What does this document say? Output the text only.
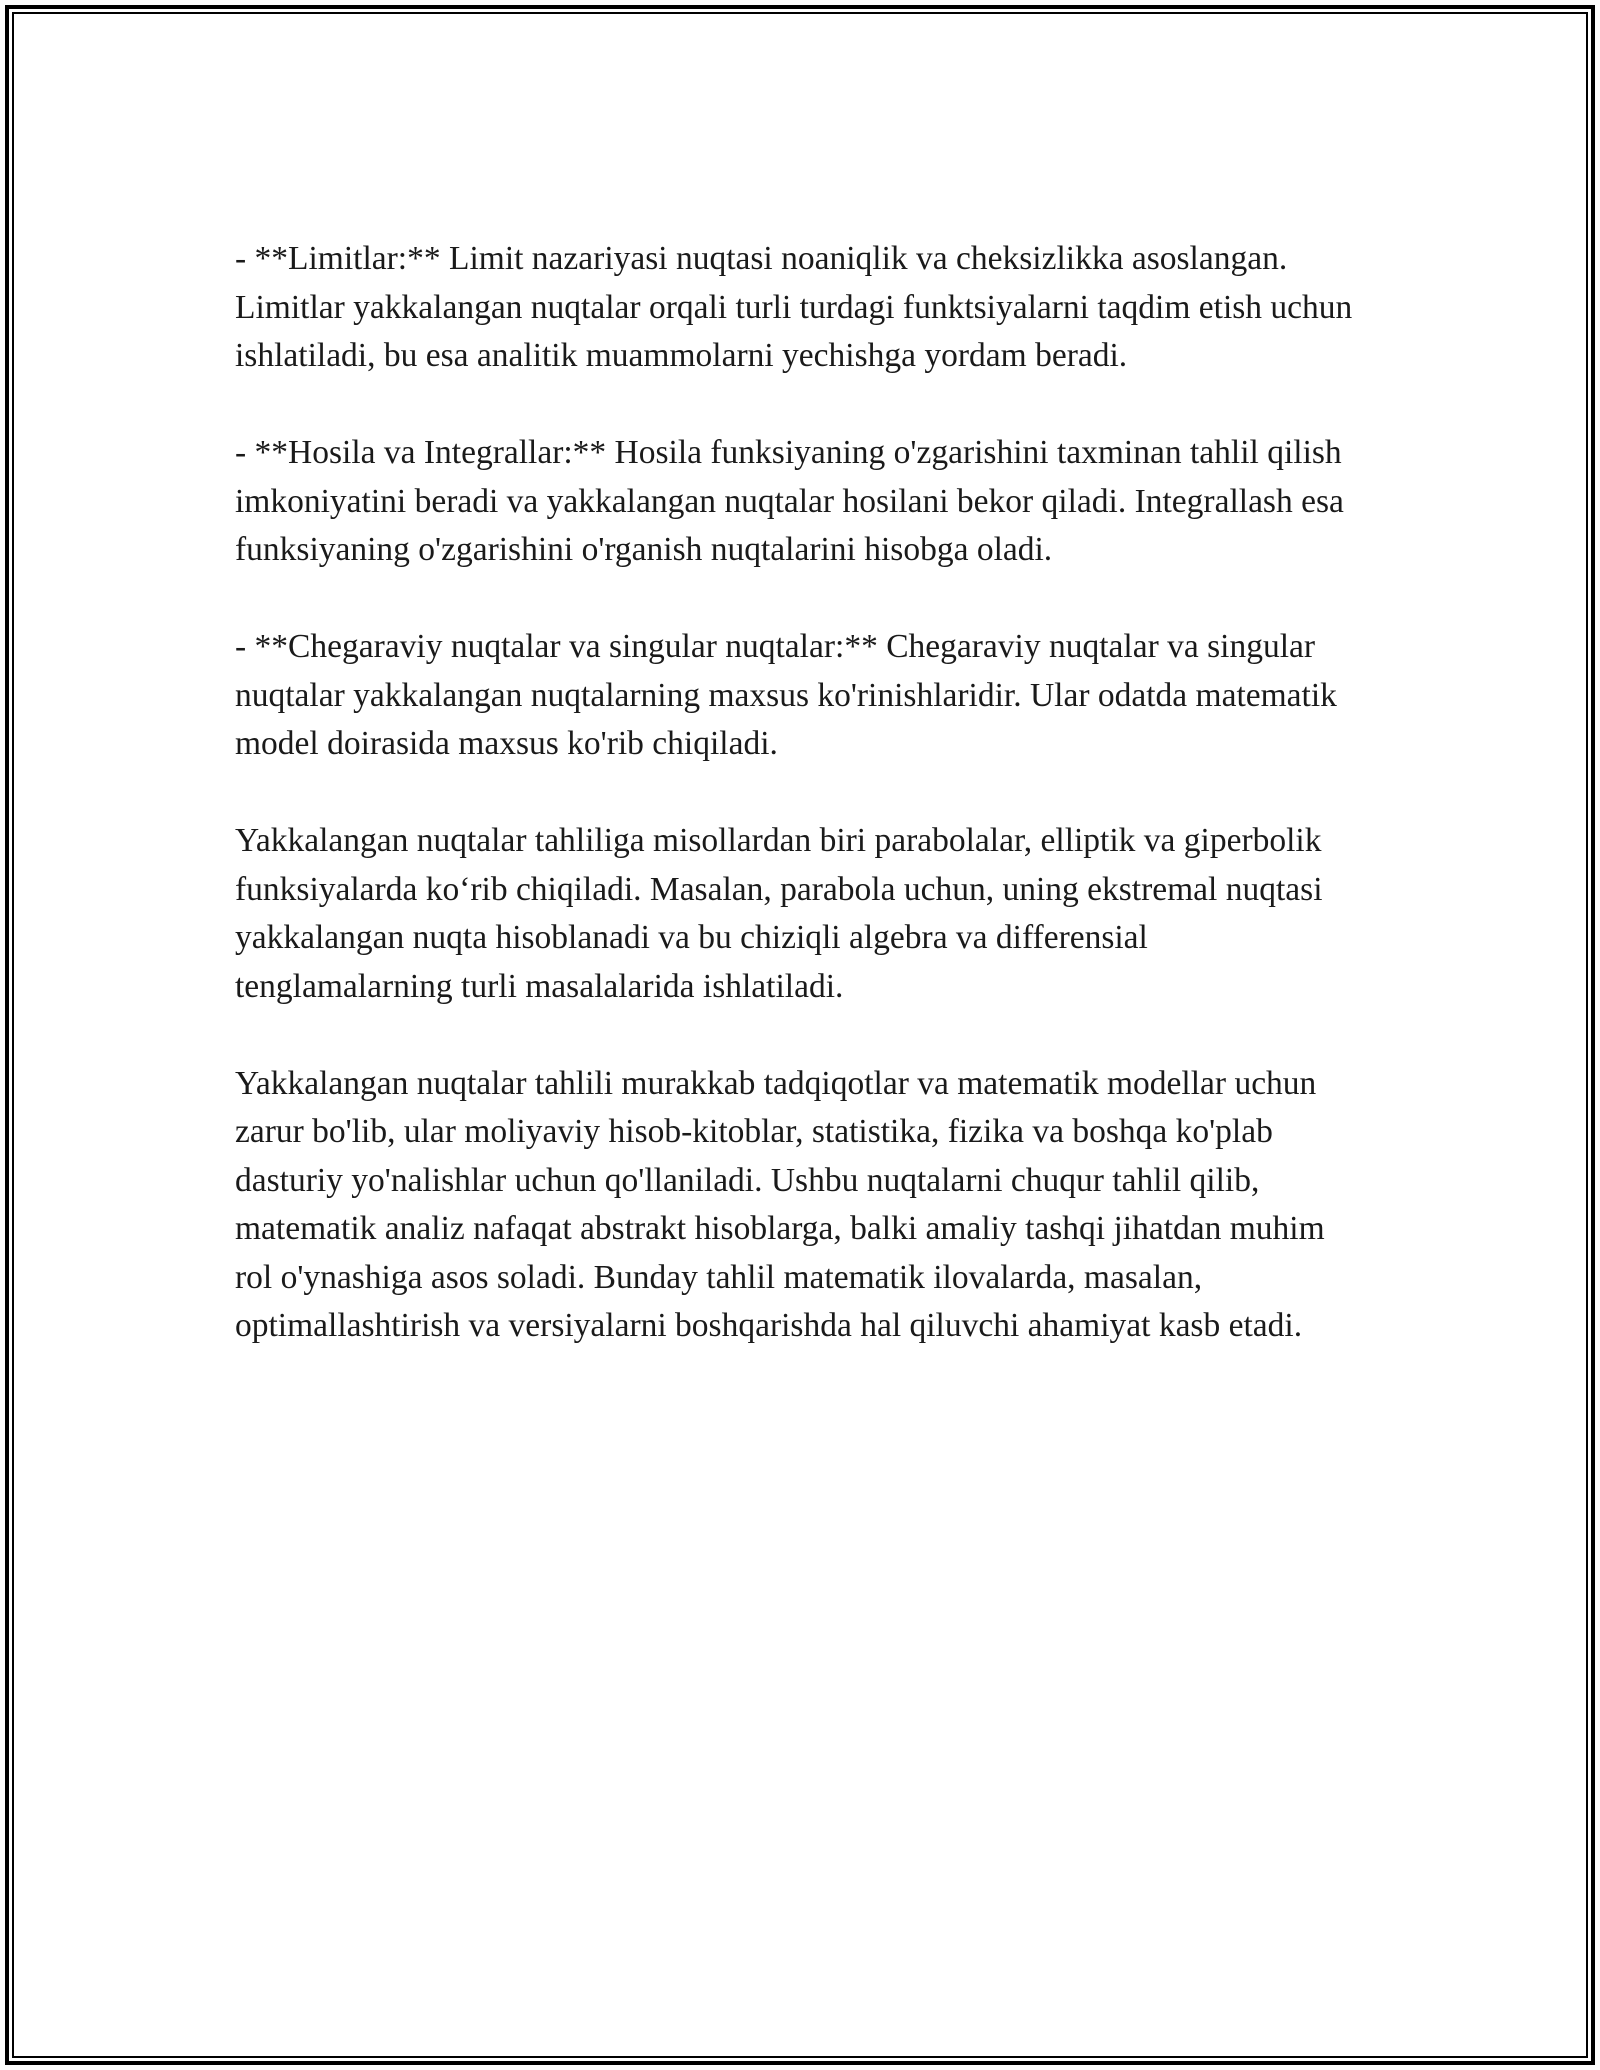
- **Limitlar:** Limit nazariyasi nuqtasi noaniqlik va cheksizlikka asoslangan. Limitlar yakkalangan nuqtalar orqali turli turdagi funktsiyalarni taqdim etish uchun ishlatiladi, bu esa analitik muammolarni yechishga yordam beradi.

- **Hosila va Integrallar:** Hosila funksiyaning o'zgarishini taxminan tahlil qilish imkoniyatini beradi va yakkalangan nuqtalar hosilani bekor qiladi. Integrallash esa funksiyaning o'zgarishini o'rganish nuqtalarini hisobga oladi.

- **Chegaraviy nuqtalar va singular nuqtalar:** Chegaraviy nuqtalar va singular nuqtalar yakkalangan nuqtalarning maxsus ko'rinishlaridir. Ular odatda matematik model doirasida maxsus ko'rib chiqiladi.

Yakkalangan nuqtalar tahliliga misollardan biri parabolalar, elliptik va giperbolik funksiyalarda ko‘rib chiqiladi. Masalan, parabola uchun, uning ekstremal nuqtasi yakkalangan nuqta hisoblanadi va bu chiziqli algebra va differensial tenglamalarning turli masalalarida ishlatiladi.

Yakkalangan nuqtalar tahlili murakkab tadqiqotlar va matematik modellar uchun zarur bo'lib, ular moliyaviy hisob-kitoblar, statistika, fizika va boshqa ko'plab dasturiy yo'nalishlar uchun qo'llaniladi. Ushbu nuqtalarni chuqur tahlil qilib, matematik analiz nafaqat abstrakt hisoblarga, balki amaliy tashqi jihatdan muhim rol o'ynashiga asos soladi. Bunday tahlil matematik ilovalarda, masalan, optimallashtirish va versiyalarni boshqarishda hal qiluvchi ahamiyat kasb etadi.
